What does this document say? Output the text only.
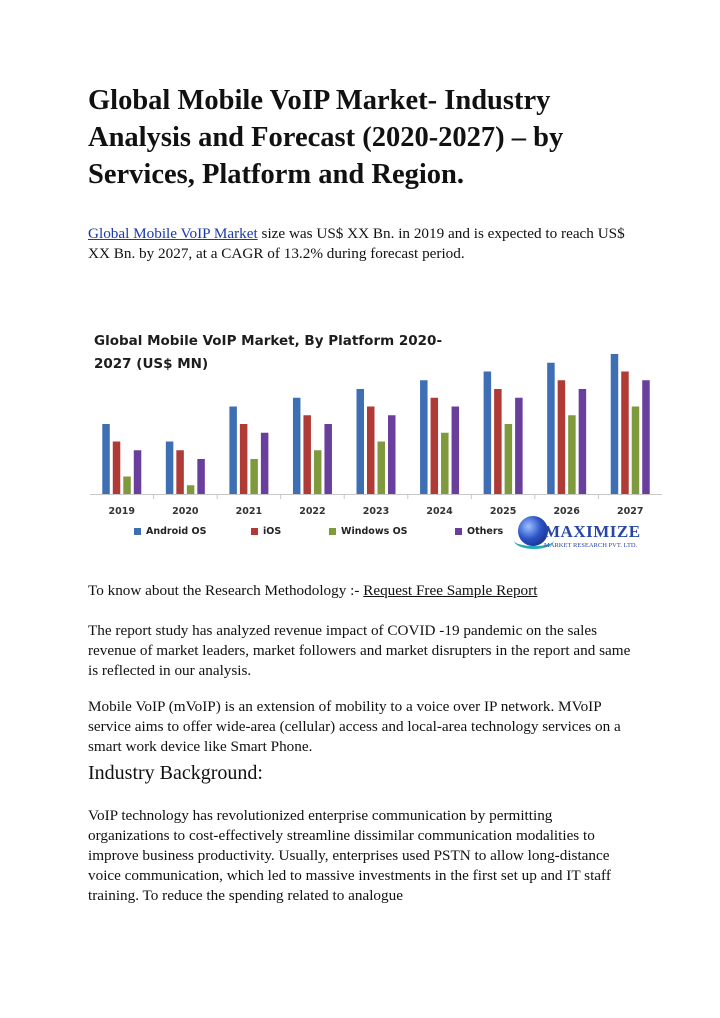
Global Mobile VoIP Market- Industry Analysis and Forecast (2020-2027) – by Services, Platform and Region.

Global Mobile VoIP Market size was US$ XX Bn. in 2019 and is expected to reach US$ XX Bn. by 2027, at a CAGR of 13.2% during forecast period.

2019	2020	2021	2022	2023	2024	2025	2026	2027
Global Mobile VoIP Market, By Platform 2020-
2027 (US$ MN)
Android OS	iOS	Windows OS	Others MAXIMIZE
MARKET RESEARCH PVT. LTD.

To know about the Research Methodology :- Request Free Sample Report

The report study has analyzed revenue impact of COVID -19 pandemic on the sales revenue of market leaders, market followers and market disrupters in the report and same is reflected in our analysis.

Mobile VoIP (mVoIP) is an extension of mobility to a voice over IP network. MVoIP service aims to offer wide-area (cellular) access and local-area technology services on a smart work device like Smart Phone.

Industry Background:

VoIP technology has revolutionized enterprise communication by permitting organizations to cost-effectively streamline dissimilar communication modalities to improve business productivity. Usually, enterprises used PSTN to allow long-distance voice communication, which led to massive investments in the first set up and IT staff training. To reduce the spending related to analogue
